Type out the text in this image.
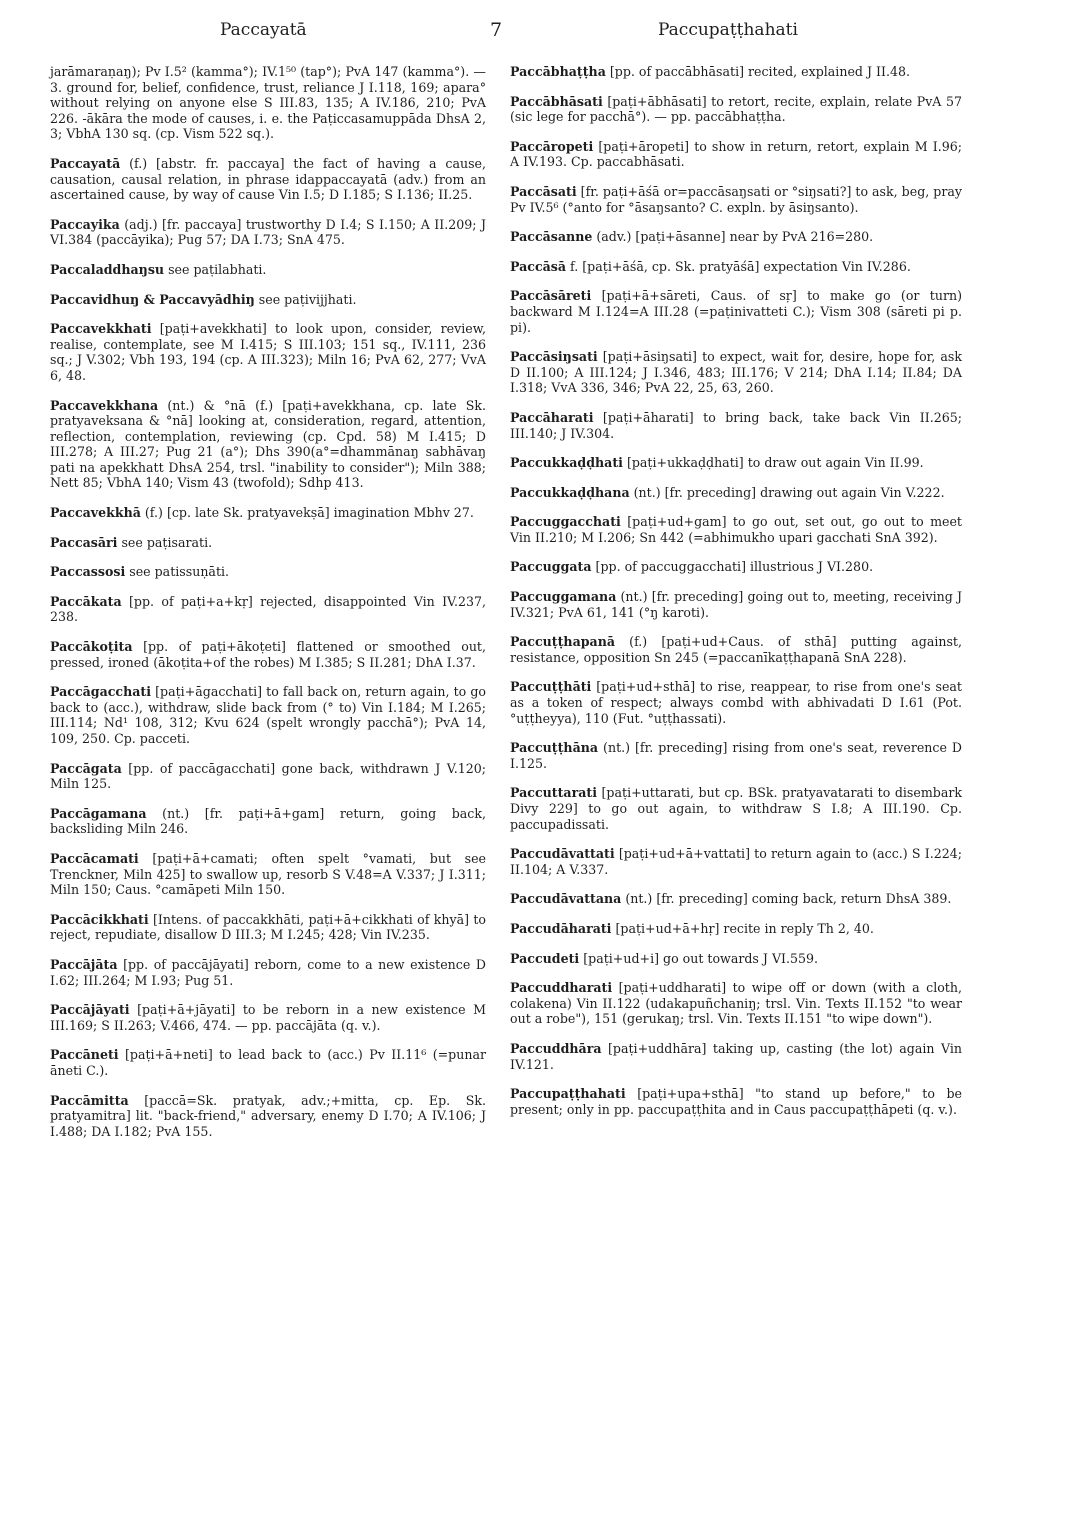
Paccayatā	7	Paccupaṭṭhahati
jarāmaraṇaŋ); Pv I.5² (kamma°); IV.1⁵⁰ (tap°); PvA 147 (kamma°). — 3. ground for, belief, confidence, trust, reliance J I.118, 169; apara° without relying on anyone else S III.83, 135; A IV.186, 210; PvA 226. -ākāra the mode of causes, i. e. the Paṭiccasamuppāda DhsA 2, 3; VbhA 130 sq. (cp. Vism 522 sq.).
Paccayatā (f.) [abstr. fr. paccaya] the fact of having a cause, causation, causal relation, in phrase idappaccayatā (adv.) from an ascertained cause, by way of cause Vin I.5; D I.185; S I.136; II.25.
Paccayika (adj.) [fr. paccaya] trustworthy D I.4; S I.150; A II.209; J VI.384 (paccāyika); Pug 57; DA I.73; SnA 475.
Paccaladdhaŋsu see paṭilabhati.
Paccavidhuŋ & Paccavyādhiŋ see paṭivijjhati.
Paccavekkhati [paṭi+avekkhati] to look upon, consider, review, realise, contemplate, see M I.415; S III.103; 151 sq., IV.111, 236 sq.; J V.302; Vbh 193, 194 (cp. A III.323); Miln 16; PvA 62, 277; VvA 6, 48.
Paccavekkhana (nt.) & °nā (f.) [paṭi+avekkhana, cp. late Sk. pratyaveksana & °nā] looking at, consideration, regard, attention, reflection, contemplation, reviewing (cp. Cpd. 58) M I.415; D III.278; A III.27; Pug 21 (a°); Dhs 390(a°=dhammānaŋ sabhāvaŋ pati na apekkhatt DhsA 254, trsl. "inability to consider"); Miln 388; Nett 85; VbhA 140; Vism 43 (twofold); Sdhp 413.
Paccavekkhā (f.) [cp. late Sk. pratyavekṣā] imagination Mbhv 27.
Paccasāri see paṭisarati.
Paccassosi see patissuṇāti.
Paccākata [pp. of paṭi+a+kṛ] rejected, disappointed Vin IV.237, 238.
Paccākoṭita [pp. of paṭi+ākoṭeti] flattened or smoothed out, pressed, ironed (ākoṭita+of the robes) M I.385; S II.281; DhA I.37.
Paccāgacchati [paṭi+āgacchati] to fall back on, return again, to go back to (acc.), withdraw, slide back from (° to) Vin I.184; M I.265; III.114; Nd¹ 108, 312; Kvu 624 (spelt wrongly pacchā°); PvA 14, 109, 250. Cp. pacceti.
Paccāgata [pp. of paccāgacchati] gone back, withdrawn J V.120; Miln 125.
Paccāgamana (nt.) [fr. paṭi+ā+gam] return, going back, backsliding Miln 246.
Paccācamati [paṭi+ā+camati; often spelt °vamati, but see Trenckner, Miln 425] to swallow up, resorb S V.48=A V.337; J I.311; Miln 150; Caus. °camāpeti Miln 150.
Paccācikkhati [Intens. of paccakkhāti, paṭi+ā+cikkhati of khyā] to reject, repudiate, disallow D III.3; M I.245; 428; Vin IV.235.
Paccājāta [pp. of paccājāyati] reborn, come to a new existence D I.62; III.264; M I.93; Pug 51.
Paccājāyati [paṭi+ā+jāyati] to be reborn in a new existence M III.169; S II.263; V.466, 474. — pp. paccājāta (q. v.).
Paccāneti [paṭi+ā+neti] to lead back to (acc.) Pv II.11⁶ (=punar āneti C.).
Paccāmitta [paccā=Sk. pratyak, adv.;+mitta, cp. Ep. Sk. pratyamitra] lit. "back-friend," adversary, enemy D I.70; A IV.106; J I.488; DA I.182; PvA 155.
Paccābhaṭṭha [pp. of paccābhāsati] recited, explained J II.48.
Paccābhāsati [paṭi+ābhāsati] to retort, recite, explain, relate PvA 57 (sic lege for pacchā°). — pp. paccābhaṭṭha.
Paccāropeti [paṭi+āropeti] to show in return, retort, explain M I.96; A IV.193. Cp. paccabhāsati.
Paccāsati [fr. paṭi+āśā or=paccāsaŋsati or °siŋsati?] to ask, beg, pray Pv IV.5⁶ (°anto for °āsaŋsanto? C. expln. by āsiŋsanto).
Paccāsanne (adv.) [paṭi+āsanne] near by PvA 216=280.
Paccāsā f. [paṭi+āśā, cp. Sk. pratyāśā] expectation Vin IV.286.
Paccāsāreti [paṭi+ā+sāreti, Caus. of sṛ] to make go (or turn) backward M I.124=A III.28 (=paṭinivatteti C.); Vism 308 (sāreti pi p. pi).
Paccāsiŋsati [paṭi+āsiŋsati] to expect, wait for, desire, hope for, ask D II.100; A III.124; J I.346, 483; III.176; V 214; DhA I.14; II.84; DA I.318; VvA 336, 346; PvA 22, 25, 63, 260.
Paccāharati [paṭi+āharati] to bring back, take back Vin II.265; III.140; J IV.304.
Paccukkaḍḍhati [paṭi+ukkaḍḍhati] to draw out again Vin II.99.
Paccukkaḍḍhana (nt.) [fr. preceding] drawing out again Vin V.222.
Paccuggacchati [paṭi+ud+gam] to go out, set out, go out to meet Vin II.210; M I.206; Sn 442 (=abhimukho upari gacchati SnA 392).
Paccuggata [pp. of paccuggacchati] illustrious J VI.280.
Paccuggamana (nt.) [fr. preceding] going out to, meeting, receiving J IV.321; PvA 61, 141 (°ŋ karoti).
Paccuṭṭhapanā (f.) [paṭi+ud+Caus. of sthā] putting against, resistance, opposition Sn 245 (=paccanīkaṭṭhapanā SnA 228).
Paccuṭṭhāti [paṭi+ud+sthā] to rise, reappear, to rise from one's seat as a token of respect; always combd with abhivadati D I.61 (Pot. °uṭṭheyya), 110 (Fut. °uṭṭhassati).
Paccuṭṭhāna (nt.) [fr. preceding] rising from one's seat, reverence D I.125.
Paccuttarati [paṭi+uttarati, but cp. BSk. pratyavatarati to disembark Divy 229] to go out again, to withdraw S I.8; A III.190. Cp. paccupadissati.
Paccudāvattati [paṭi+ud+ā+vattati] to return again to (acc.) S I.224; II.104; A V.337.
Paccudāvattana (nt.) [fr. preceding] coming back, return DhsA 389.
Paccudāharati [paṭi+ud+ā+hṛ] recite in reply Th 2, 40.
Paccudeti [paṭi+ud+i] go out towards J VI.559.
Paccuddharati [paṭi+uddharati] to wipe off or down (with a cloth, colakena) Vin II.122 (udakapuñchaniŋ; trsl. Vin. Texts II.152 "to wear out a robe"), 151 (gerukaŋ; trsl. Vin. Texts II.151 "to wipe down").
Paccuddhāra [paṭi+uddhāra] taking up, casting (the lot) again Vin IV.121.
Paccupaṭṭhahati [paṭi+upa+sthā] "to stand up before," to be present; only in pp. paccupaṭṭhita and in Caus paccupaṭṭhāpeti (q. v.).
